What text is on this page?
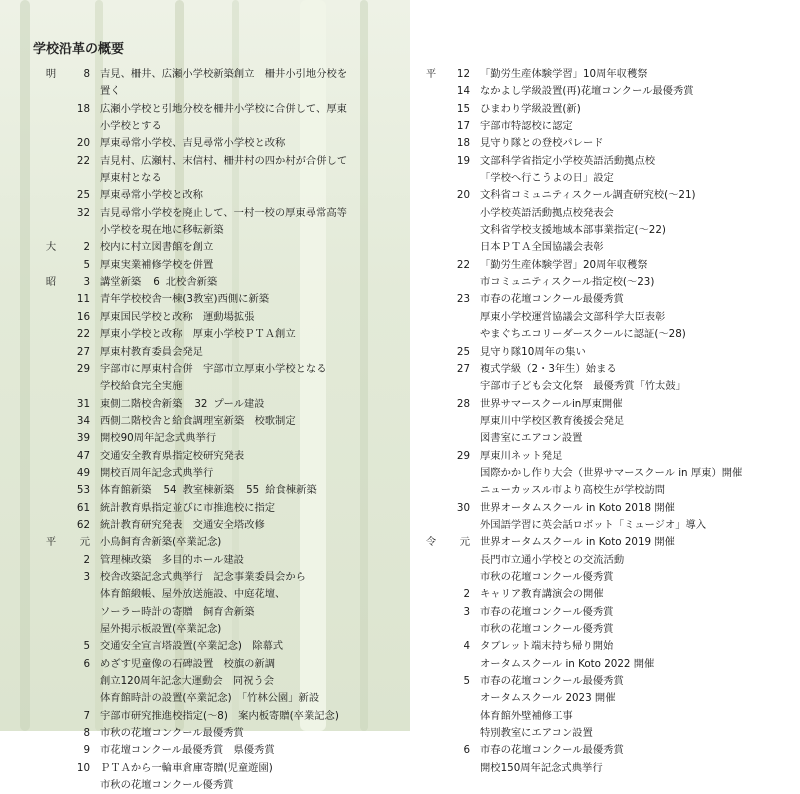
学校沿革の概要
明	8 吉見、柵井、広瀬小学校新築創立　柵井小引地分校を
置く
18 広瀬小学校と引地分校を柵井小学校に合併して、厚東
小学校とする
20 厚東尋常小学校、吉見尋常小学校と改称
22 吉見村、広瀬村、末信村、柵井村の四か村が合併して
厚東村となる
25 厚東尋常小学校と改称
32 吉見尋常小学校を廃止して、一村一校の厚東尋常高等
小学校を現在地に移転新築
大	2 校内に村立図書館を創立
5 厚東実業補修学校を併置
昭	3 講堂新築 6 北校舎新築
11 青年学校校舎一棟(3教室)西側に新築
16 厚東国民学校と改称　運動場拡張
22 厚東小学校と改称　厚東小学校ＰＴＡ創立
27 厚東村教育委員会発足
29 宇部市に厚東村合併　宇部市立厚東小学校となる
学校給食完全実施
31 東側二階校舎新築 32 プール建設
34 西側二階校舎と給食調理室新築　校歌制定
39 開校90周年記念式典挙行
47 交通安全教育県指定校研究発表
49 開校百周年記念式典挙行
53 体育館新築 54 教室棟新築 55 給食棟新築
61 統計教育県指定並びに市推進校に指定
62 統計教育研究発表　交通安全塔改修
平	元 小鳥飼育舎新築(卒業記念)
2 管理棟改築　多目的ホール建設
3 校舎改築記念式典挙行　記念事業委員会から
体育館緞帳、屋外放送施設、中庭花壇、
ソーラー時計の寄贈　飼育舎新築
屋外掲示板設置(卒業記念)
5 交通安全宣言塔設置(卒業記念)　除幕式
6 めざす児童像の石碑設置　校旗の新調
創立120周年記念大運動会　同祝う会
体育館時計の設置(卒業記念)　「竹林公園」新設
7 宇部市研究推進校指定(～8)　案内板寄贈(卒業記念)
8 市秋の花壇コンクール最優秀賞
9 市花壇コンクール最優秀賞　県優秀賞
10 ＰＴＡから一輪車倉庫寄贈(児童遊園)
市秋の花壇コンクール優秀賞
平	12 「勤労生産体験学習」10周年収穫祭
14 なかよし学級設置(再)花壇コンクール最優秀賞
15 ひまわり学級設置(新)
17 宇部市特認校に認定
18 見守り隊との登校パレード
19 文部科学省指定小学校英語活動拠点校
「学校へ行こうよの日」設定
20 文科省コミュニティスクール調査研究校(～21)
小学校英語活動拠点校発表会
文科省学校支援地域本部事業指定(～22)
日本ＰＴＡ全国協議会表彰
22 「勤労生産体験学習」20周年収穫祭
市コミュニティスクール指定校(～23)
23 市春の花壇コンクール最優秀賞
厚東小学校運営協議会文部科学大臣表彰
やまぐちエコリーダースクールに認証(～28)
25 見守り隊10周年の集い
27 複式学級（2・3年生）始まる
宇部市子ども会文化祭　最優秀賞「竹太鼓」
28 世界サマースクールin厚東開催
厚東川中学校区教育後援会発足
図書室にエアコン設置
29 厚東川ネット発足
国際かかし作り大会（世界サマースクール in 厚東）開催
ニューカッスル市より高校生が学校訪問
30 世界オータムスクール in Koto 2018 開催
外国語学習に英会話ロボット「ミュージオ」導入
令	元 世界オータムスクール in Koto 2019 開催
長門市立通小学校との交流活動
市秋の花壇コンクール優秀賞
2 キャリア教育講演会の開催
3 市春の花壇コンクール優秀賞
市秋の花壇コンクール優秀賞
4 タブレット端末持ち帰り開始
オータムスクール in Koto 2022 開催
5 市春の花壇コンクール最優秀賞
オータムスクール 2023 開催
体育館外壁補修工事
特別教室にエアコン設置
6 市春の花壇コンクール最優秀賞
開校150周年記念式典挙行
